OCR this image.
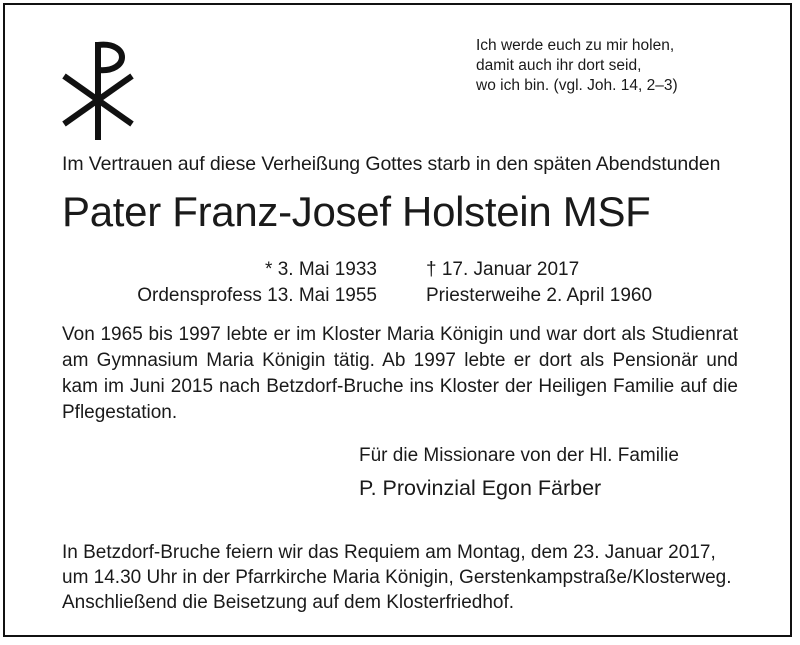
Ich werde euch zu mir holen,
damit auch ihr dort seid,
wo ich bin. (vgl. Joh. 14, 2–3)
Im Vertrauen auf diese Verheißung Gottes starb in den späten Abendstunden
Pater Franz-Josef Holstein MSF
* 3. Mai 1933
Ordensprofess 13. Mai 1955
† 17. Januar 2017
Priesterweihe 2. April 1960
Von 1965 bis 1997 lebte er im Kloster Maria Königin und war dort als Studienrat am Gymnasium Maria Königin tätig. Ab 1997 lebte er dort als Pensionär und kam im Juni 2015 nach Betzdorf-Bruche ins Kloster der Heiligen Familie auf die Pflegestation.
Für die Missionare von der Hl. Familie
P. Provinzial Egon Färber
In Betzdorf-Bruche feiern wir das Requiem am Montag, dem 23. Januar 2017,
um 14.30 Uhr in der Pfarrkirche Maria Königin, Gerstenkampstraße/Klosterweg.
Anschließend die Beisetzung auf dem Klosterfriedhof.
